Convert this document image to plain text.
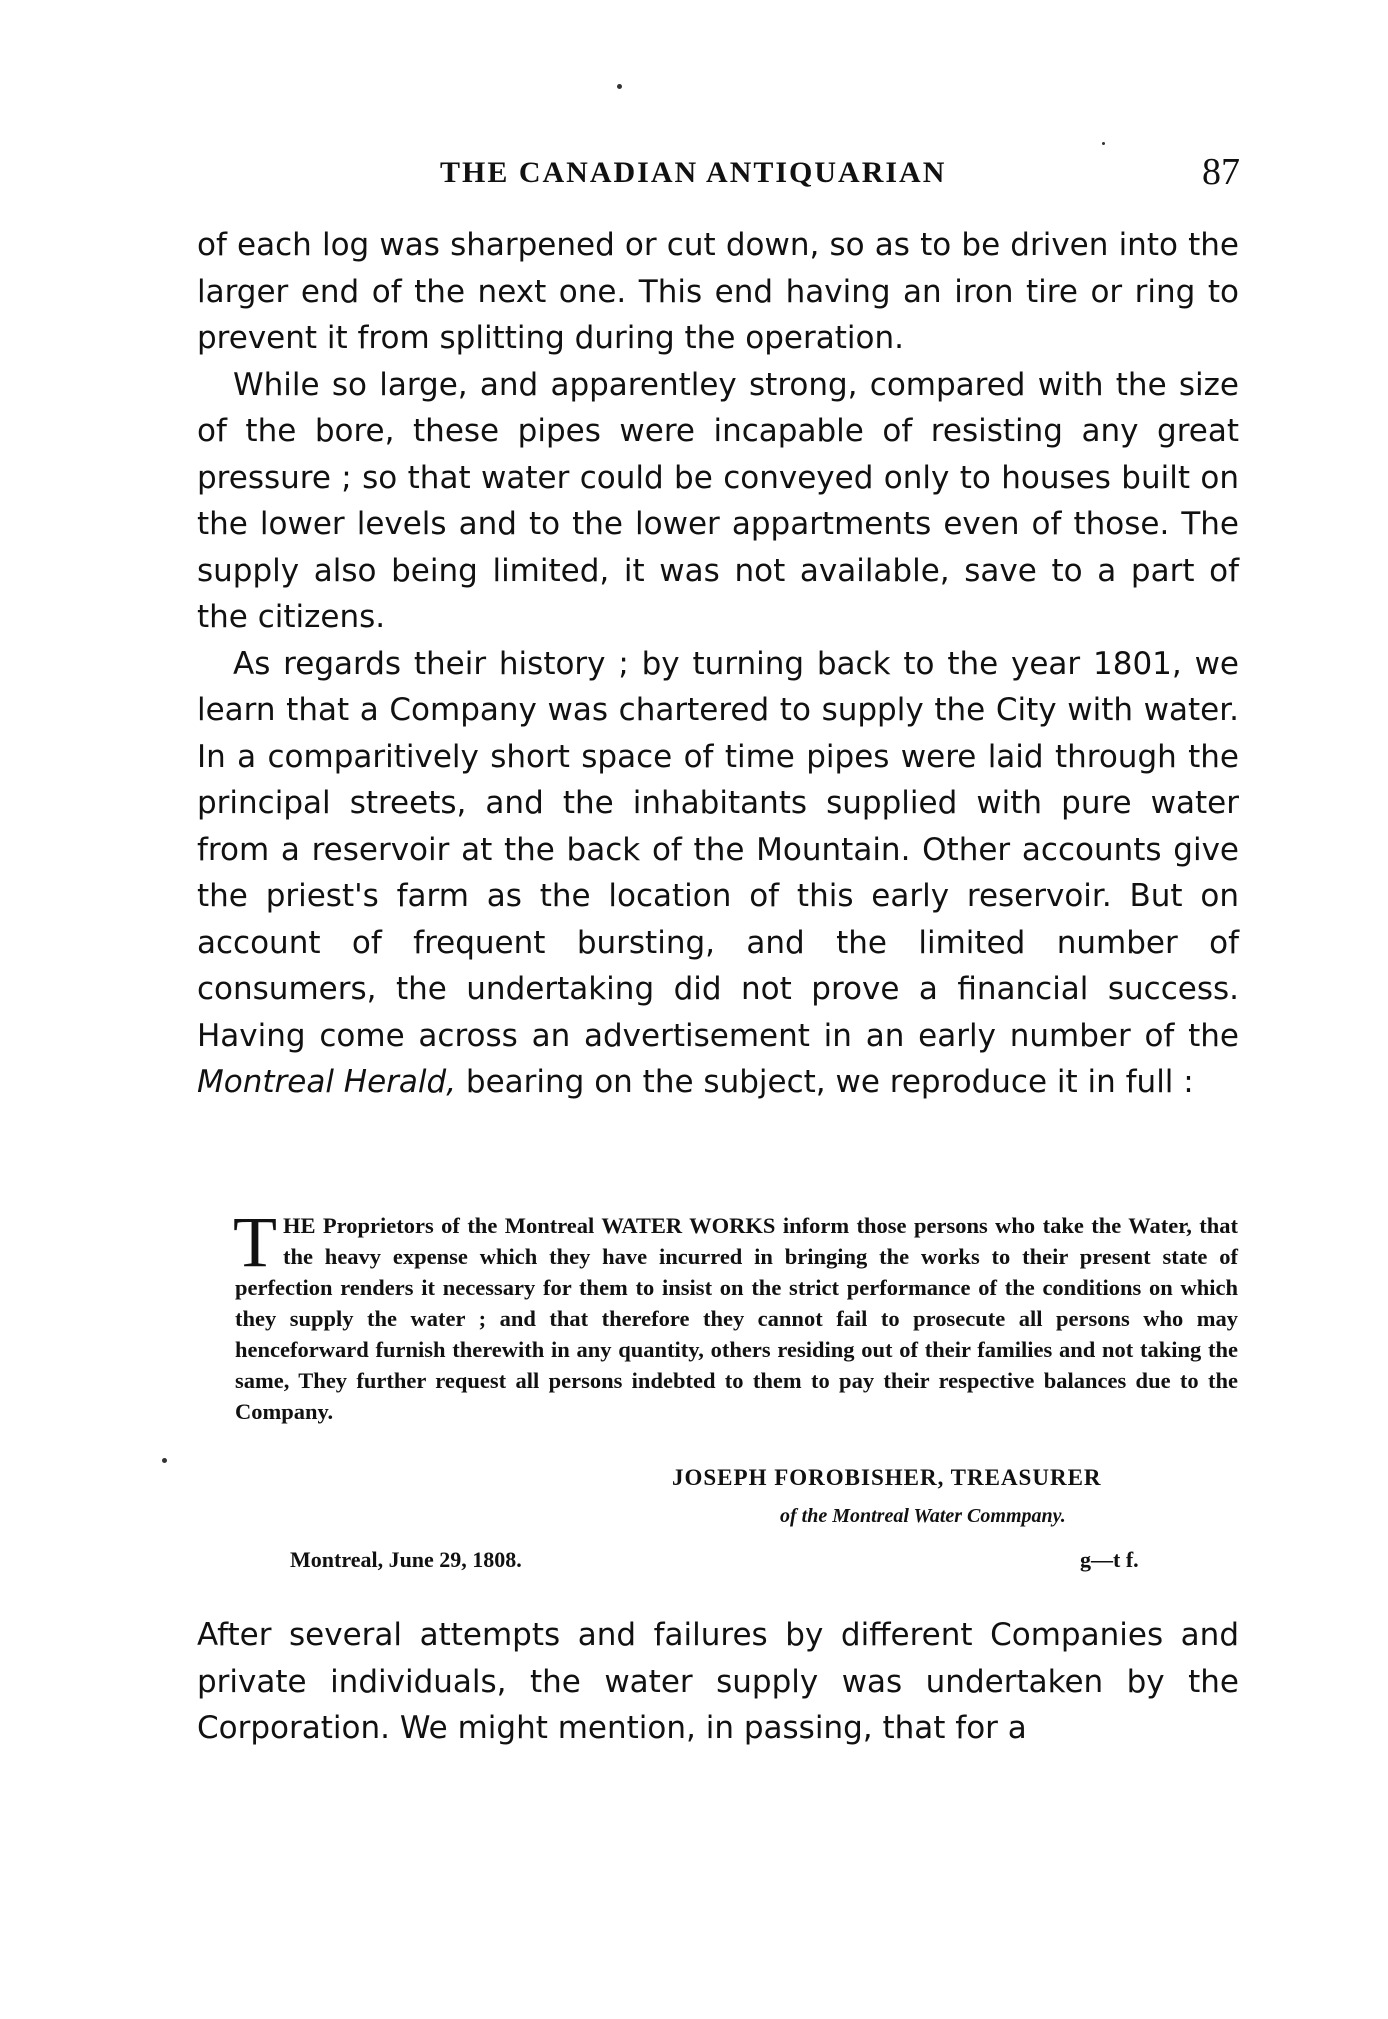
THE CANADIAN ANTIQUARIAN	87

of each log was sharpened or cut down, so as to be driven into the larger end of the next one. This end having an iron tire or ring to prevent it from splitting during the operation.

While so large, and apparentley strong, compared with the size of the bore, these pipes were incapable of resisting any great pressure ; so that water could be conveyed only to houses built on the lower levels and to the lower appartments even of those. The supply also being limited, it was not available, save to a part of the citizens.

As regards their history ; by turning back to the year 1801, we learn that a Company was chartered to supply the City with water. In a comparitively short space of time pipes were laid through the principal streets, and the inhabitants supplied with pure water from a reservoir at the back of the Mountain. Other accounts give the priest's farm as the location of this early reservoir. But on account of frequent bursting, and the limited number of consumers, the undertaking did not prove a financial success. Having come across an advertisement in an early number of the Montreal Herald, bearing on the subject, we reproduce it in full :

THE Proprietors of the Montreal WATER WORKS inform those persons who take the Water, that the heavy expense which they have incurred in bringing the works to their present state of perfection renders it necessary for them to insist on the strict performance of the conditions on which they supply the water ; and that therefore they cannot fail to prosecute all persons who may henceforward furnish therewith in any quantity, others residing out of their families and not taking the same, They further request all persons indebted to them to pay their respective balances due to the Company.
JOSEPH FOROBISHER, TREASURER
of the Montreal Water Commpany.
Montreal, June 29, 1808.	g—t f.

After several attempts and failures by different Companies and private individuals, the water supply was undertaken by the Corporation. We might mention, in passing, that for a
